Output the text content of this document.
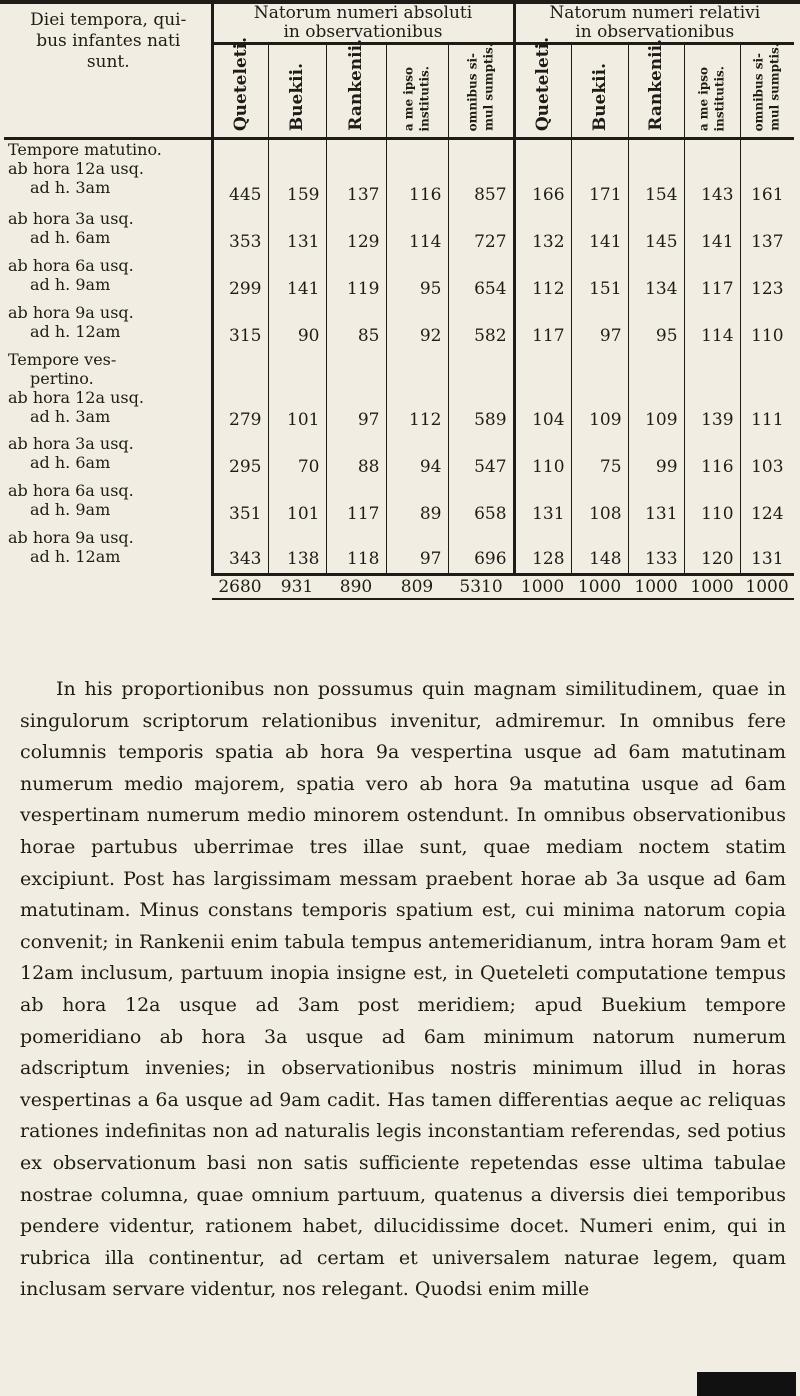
Diei tempora, qui-
bus infantes nati
sunt.	Natorum numeri absoluti
in observationibus					Natorum numeri relativi
in observationibus				

	Queteleti.	Buekii.	Rankenii.	a me ipso institutis.	omnibus si- mul sumptis.	Queteleti.	Buekii.	Rankenii.	a me ipso institutis.	omnibus si- mul sumptis.

Tempore matutino.
ab hora 12a usq.
ad h. 3am	445	159	137	116	857	166	171	154	143	161

ab hora 3a usq.
ad h. 6am	353	131	129	114	727	132	141	145	141	137

ab hora 6a usq.
ad h. 9am	299	141	119	95	654	112	151	134	117	123

ab hora 9a usq.
ad h. 12am	315	90	85	92	582	117	97	95	114	110

Tempore ves-
pertino.
ab hora 12a usq.
ad h. 3am	279	101	97	112	589	104	109	109	139	111

ab hora 3a usq.
ad h. 6am	295	70	88	94	547	110	75	99	116	103

ab hora 6a usq.
ad h. 9am	351	101	117	89	658	131	108	131	110	124

ab hora 9a usq.
ad h. 12am	343	138	118	97	696	128	148	133	120	131
	2680	931	890	809	5310	1000	1000	1000	1000	1000

In his proportionibus non possumus quin magnam similitudinem, quae in singulorum scriptorum relationibus invenitur, admiremur. In omnibus fere columnis temporis spatia ab hora 9a vespertina usque ad 6am matutinam numerum medio majorem, spatia vero ab hora 9a matutina usque ad 6am vespertinam numerum medio minorem ostendunt. In omnibus observationibus horae partubus uberrimae tres illae sunt, quae mediam noctem statim excipiunt. Post has largissimam messam praebent horae ab 3a usque ad 6am matutinam. Minus constans temporis spatium est, cui minima natorum copia convenit; in Rankenii enim tabula tempus antemeridianum, intra horam 9am et 12am inclusum, partuum inopia insigne est, in Queteleti computatione tempus ab hora 12a usque ad 3am post meridiem; apud Buekium tempore pomeridiano ab hora 3a usque ad 6am minimum natorum numerum adscriptum invenies; in observationibus nostris minimum illud in horas vespertinas a 6a usque ad 9am cadit. Has tamen differentias aeque ac reliquas rationes indefinitas non ad naturalis legis inconstantiam referendas, sed potius ex observationum basi non satis sufficiente repetendas esse ultima tabulae nostrae columna, quae omnium partuum, quatenus a diversis diei temporibus pendere videntur, rationem habet, dilucidissime docet. Numeri enim, qui in rubrica illa continentur, ad certam et universalem naturae legem, quam inclusam servare videntur, nos relegant. Quodsi enim mille
